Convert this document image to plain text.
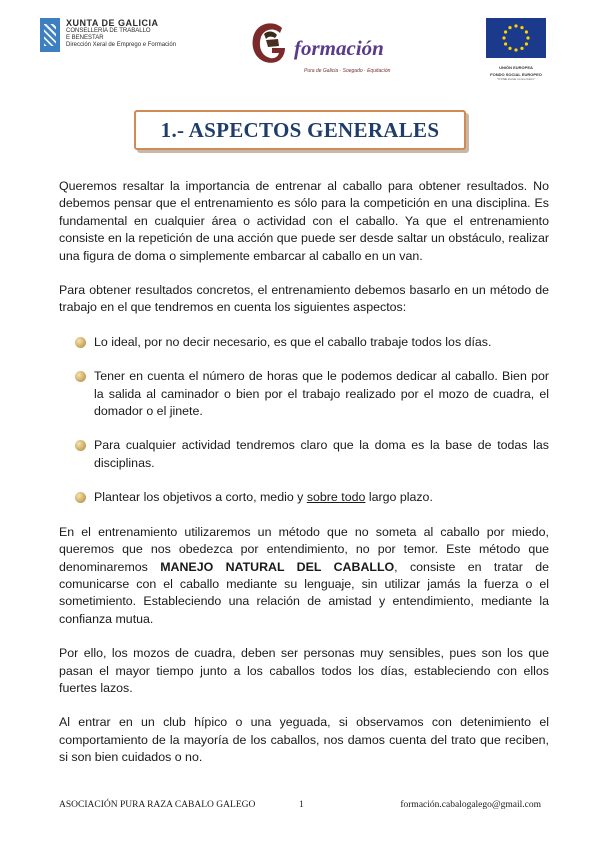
XUNTA DE GALICIA
CONSELLERÍA DE TRABALLO
E BENESTAR
Dirección Xeral de Emprego e Formación	formación
Pura de Galicia · Soegado · Equitación
UNIÓN EUROPEA
FONDO SOCIAL EUROPEO
"O FSE inviste no teu futuro"
1.- ASPECTOS GENERALES

Queremos resaltar la importancia de entrenar al caballo para obtener resultados. No debemos pensar que el entrenamiento es sólo para la competición en una disciplina. Es fundamental en cualquier área o actividad con el caballo. Ya que el entrenamiento consiste en la repetición de una acción que puede ser desde saltar un obstáculo, realizar una figura de doma o simplemente embarcar al caballo en un van.

Para obtener resultados concretos, el entrenamiento debemos basarlo en un método de trabajo en el que tendremos en cuenta los siguientes aspectos:

Lo ideal, por no decir necesario, es que el caballo trabaje todos los días.
Tener en cuenta el número de horas que le podemos dedicar al caballo. Bien por la salida al caminador o bien por el trabajo realizado por el mozo de cuadra, el domador o el jinete.
Para cualquier actividad tendremos claro que la doma es la base de todas las disciplinas.
Plantear los objetivos a corto, medio y sobre todo largo plazo.

En el entrenamiento utilizaremos un método que no someta al caballo por miedo, queremos que nos obedezca por entendimiento, no por temor. Este método que denominaremos MANEJO NATURAL DEL CABALLO, consiste en tratar de comunicarse con el caballo mediante su lenguaje, sin utilizar jamás la fuerza o el sometimiento. Estableciendo una relación de amistad y entendimiento, mediante la confianza mutua.

Por ello, los mozos de cuadra, deben ser personas muy sensibles, pues son los que pasan el mayor tiempo junto a los caballos todos los días, estableciendo con ellos fuertes lazos.

Al entrar en un club hípico o una yeguada, si observamos con detenimiento el comportamiento de la mayoría de los caballos, nos damos cuenta del trato que reciben, si son bien cuidados o no.

ASOCIACIÓN PURA RAZA CABALO GALEGO	1	formación.cabalogalego@gmail.com
